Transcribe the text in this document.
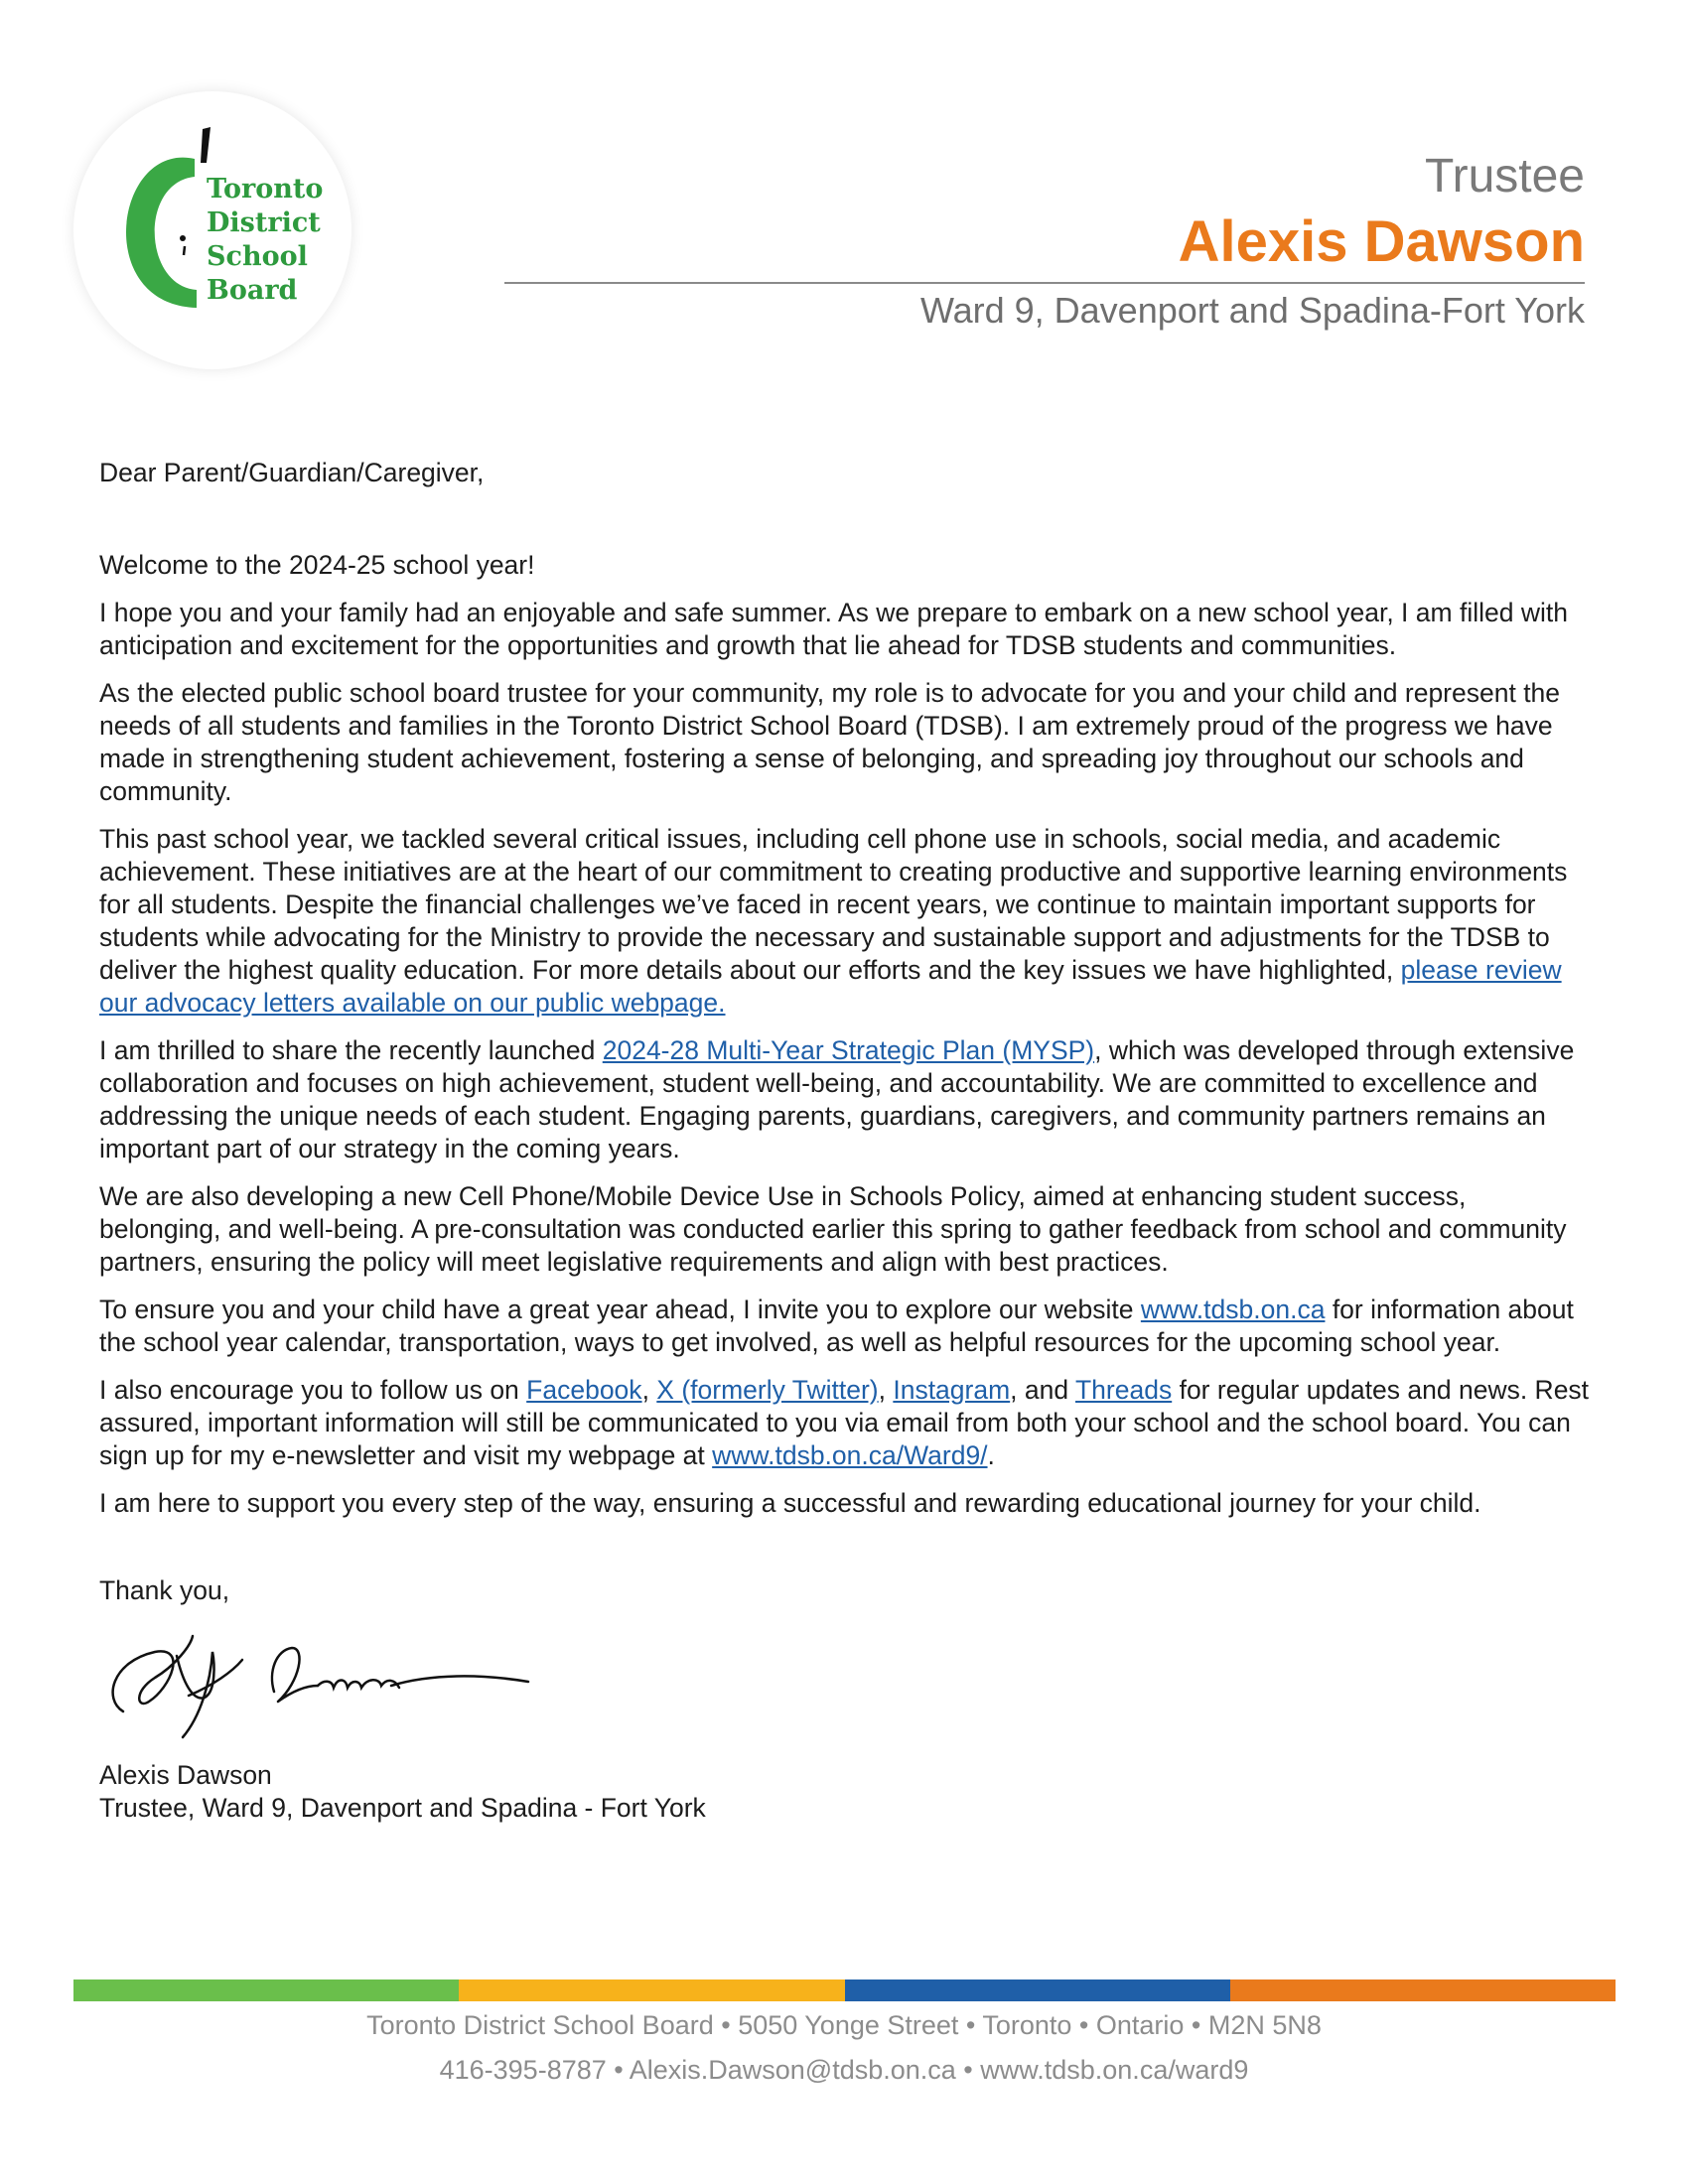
Toronto
District
School
Board
Trustee
Alexis Dawson
Ward 9, Davenport and Spadina-Fort York

Dear Parent/Guardian/Caregiver,

Welcome to the 2024-25 school year!

I hope you and your family had an enjoyable and safe summer. As we prepare to embark on a new school year, I am filled with anticipation and excitement for the opportunities and growth that lie ahead for TDSB students and communities.

As the elected public school board trustee for your community, my role is to advocate for you and your child and represent the needs of all students and families in the Toronto District School Board (TDSB). I am extremely proud of the progress we have made in strengthening student achievement, fostering a sense of belonging, and spreading joy throughout our schools and community.

This past school year, we tackled several critical issues, including cell phone use in schools, social media, and academic achievement. These initiatives are at the heart of our commitment to creating productive and supportive learning environments for all students. Despite the financial challenges we’ve faced in recent years, we continue to maintain important supports for students while advocating for the Ministry to provide the necessary and sustainable support and adjustments for the TDSB to deliver the highest quality education. For more details about our efforts and the key issues we have highlighted, please review our advocacy letters available on our public webpage.

I am thrilled to share the recently launched 2024-28 Multi-Year Strategic Plan (MYSP), which was developed through extensive collaboration and focuses on high achievement, student well-being, and accountability. We are committed to excellence and addressing the unique needs of each student. Engaging parents, guardians, caregivers, and community partners remains an important part of our strategy in the coming years.

We are also developing a new Cell Phone/Mobile Device Use in Schools Policy, aimed at enhancing student success, belonging, and well-being. A pre-consultation was conducted earlier this spring to gather feedback from school and community partners, ensuring the policy will meet legislative requirements and align with best practices.

To ensure you and your child have a great year ahead, I invite you to explore our website www.tdsb.on.ca for information about the school year calendar, transportation, ways to get involved, as well as helpful resources for the upcoming school year.

I also encourage you to follow us on Facebook, X (formerly Twitter), Instagram, and Threads for regular updates and news. Rest assured, important information will still be communicated to you via email from both your school and the school board. You can sign up for my e-newsletter and visit my webpage at www.tdsb.on.ca/Ward9/.

I am here to support you every step of the way, ensuring a successful and rewarding educational journey for your child.

Thank you,

Alexis Dawson

Trustee, Ward 9, Davenport and Spadina - Fort York

Toronto District School Board • 5050 Yonge Street • Toronto • Ontario • M2N 5N8
416-395-8787 • Alexis.Dawson@tdsb.on.ca • www.tdsb.on.ca/ward9
